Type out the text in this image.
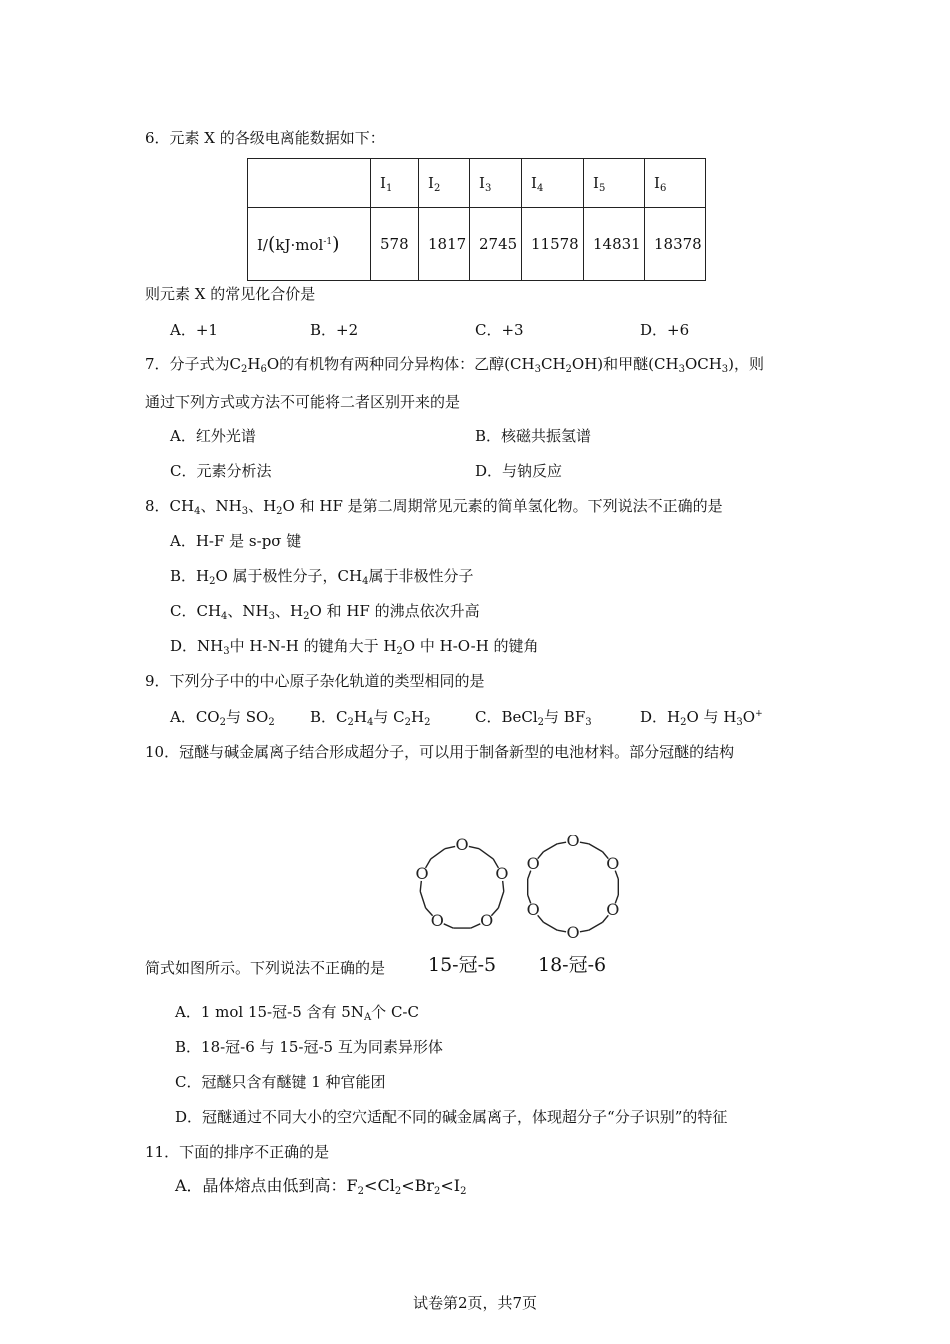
6．元素 X 的各级电离能数据如下：
	$I_1$	$I_2$	$I_3$	$I_4$	$I_5$	$I_6$
I/(kJ·mol$^{-1}$)	578	1817	2745	11578	14831	18378
则元素 X 的常见化合价是
A．+1	B．+2	C．+3	D．+6
7．分子式为$C_2H_6O$的有机物有两种同分异构体：乙醇$(CH_3CH_2OH)$和甲醚$(CH_3OCH_3)$，则
通过下列方式或方法不可能将二者区别开来的是
A．红外光谱	B．核磁共振氢谱
C．元素分析法	D．与钠反应
8．$CH_4$、$NH_3$、$H_2O$ 和 HF 是第二周期常见元素的简单氢化物。下列说法不正确的是
A．H-F 是 s-pσ 键
B．$H_2O$ 属于极性分子，$CH_4$属于非极性分子
C．$CH_4$、$NH_3$、$H_2O$ 和 HF 的沸点依次升高
D．$NH_3$中 H-N-H 的键角大于 $H_2O$ 中 H-O-H 的键角
9．下列分子中的中心原子杂化轨道的类型相同的是
A．$CO_2$与 $SO_2$ B．$C_2H_4$与 $C_2H_2$	C．BeCl$_2$与 $BF_3$	D．$H_2O$ 与 $H_3O^+$
10．冠醚与碱金属离子结合形成超分子，可以用于制备新型的电池材料。部分冠醚的结构
O
O
O
O
O
O
O
O
O
O
O
15-冠-5 18-冠-6
简式如图所示。下列说法不正确的是
A．1 mol 15-冠-5 含有 $5N_A$个 C-C
B．18-冠-6 与 15-冠-5 互为同素异形体
C．冠醚只含有醚键 1 种官能团
D．冠醚通过不同大小的空穴适配不同的碱金属离子，体现超分子“分子识别”的特征
11．下面的排序不正确的是
A．晶体熔点由低到高：$F_2<Cl_2<Br_2<I_2$
试卷第2页，共7页
